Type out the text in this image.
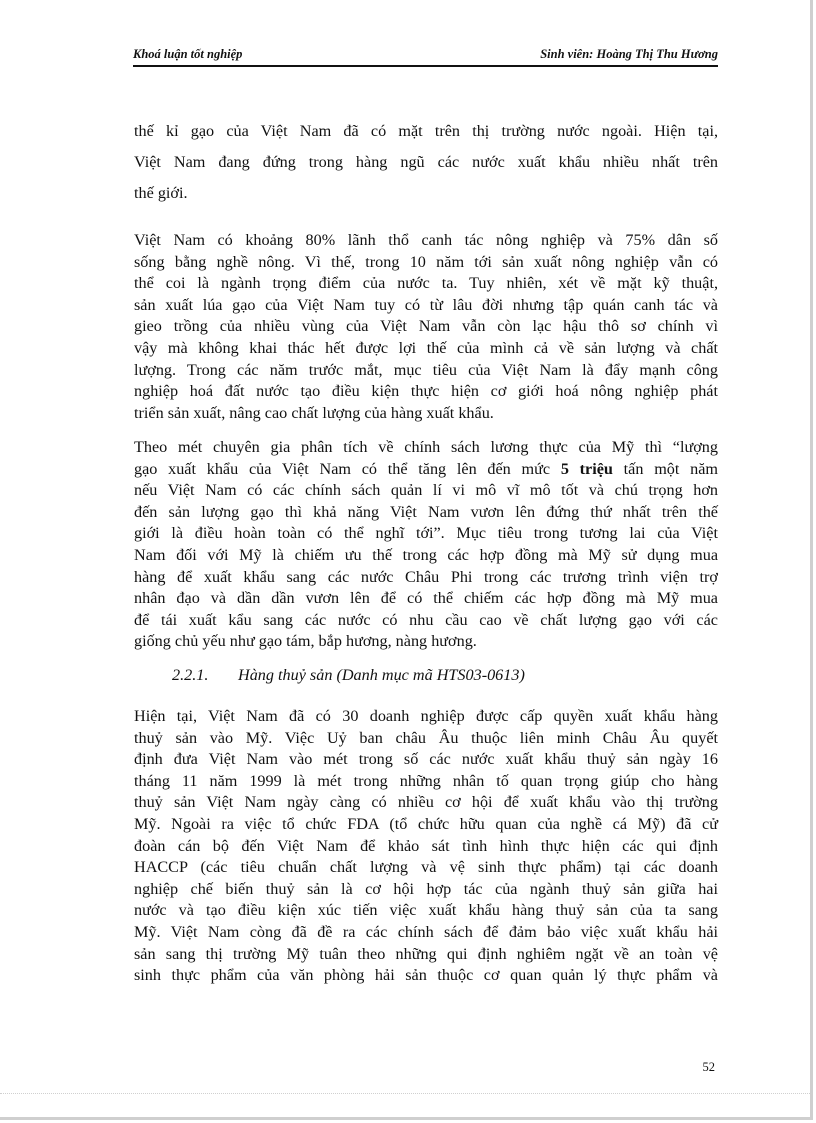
Khoá luận tốt nghiệp	Sinh viên: Hoàng Thị Thu Hương
thế kỉ gạo của Việt Nam đã có mặt trên thị trường nước ngoài. Hiện tại,
Việt Nam đang đứng trong hàng ngũ các nước xuất khẩu nhiều nhất trên
thế giới.
Việt Nam có khoảng 80% lãnh thổ canh tác nông nghiệp và 75% dân số
sống bằng nghề nông. Vì thế, trong 10 năm tới sản xuất nông nghiệp vẫn có
thể coi là ngành trọng điểm của nước ta. Tuy nhiên, xét về mặt kỹ thuật,
sản xuất lúa gạo của Việt Nam tuy có từ lâu đời nhưng tập quán canh tác và
gieo trồng của nhiều vùng của Việt Nam vẫn còn lạc hậu thô sơ chính vì
vậy mà không khai thác hết được lợi thế của mình cả về sản lượng và chất
lượng. Trong các năm trước mắt, mục tiêu của Việt Nam là đẩy mạnh công
nghiệp hoá đất nước tạo điều kiện thực hiện cơ giới hoá nông nghiệp phát
triển sản xuất, nâng cao chất lượng của hàng xuất khẩu.
Theo mét chuyên gia phân tích về chính sách lương thực của Mỹ thì “lượng
gạo xuất khẩu của Việt Nam có thể tăng lên đến mức 5 triệu tấn một năm
nếu Việt Nam có các chính sách quản lí vi mô vĩ mô tốt và chú trọng hơn
đến sản lượng gạo thì khả năng Việt Nam vươn lên đứng thứ nhất trên thế
giới là điều hoàn toàn có thể nghĩ tới”. Mục tiêu trong tương lai của Việt
Nam đối với Mỹ là chiếm ưu thế trong các hợp đồng mà Mỹ sử dụng mua
hàng để xuất khẩu sang các nước Châu Phi trong các trương trình viện trợ
nhân đạo và dần dần vươn lên để có thể chiếm các hợp đồng mà Mỹ mua
để tái xuất kẩu sang các nước có nhu cầu cao về chất lượng gạo với các
giống chủ yếu như gạo tám, bắp hương, nàng hương.
2.2.1. Hàng thuỷ sản (Danh mục mã HTS03-0613)
Hiện tại, Việt Nam đã có 30 doanh nghiệp được cấp quyền xuất khẩu hàng
thuỷ sản vào Mỹ. Việc Uỷ ban châu Âu thuộc liên minh Châu Âu quyết
định đưa Việt Nam vào mét trong số các nước xuất khẩu thuỷ sản ngày 16
tháng 11 năm 1999 là mét trong những nhân tố quan trọng giúp cho hàng
thuỷ sản Việt Nam ngày càng có nhiều cơ hội để xuất khẩu vào thị trường
Mỹ. Ngoài ra việc tổ chức FDA (tổ chức hữu quan của nghề cá Mỹ) đã cử
đoàn cán bộ đến Việt Nam để khảo sát tình hình thực hiện các qui định
HACCP (các tiêu chuẩn chất lượng và vệ sinh thực phẩm) tại các doanh
nghiệp chế biến thuỷ sản là cơ hội hợp tác của ngành thuỷ sản giữa hai
nước và tạo điều kiện xúc tiến việc xuất khẩu hàng thuỷ sản của ta sang
Mỹ. Việt Nam còng đã đề ra các chính sách để đảm bảo việc xuất khẩu hải
sản sang thị trường Mỹ tuân theo những qui định nghiêm ngặt về an toàn vệ
sinh thực phẩm của văn phòng hải sản thuộc cơ quan quản lý thực phẩm và
52
